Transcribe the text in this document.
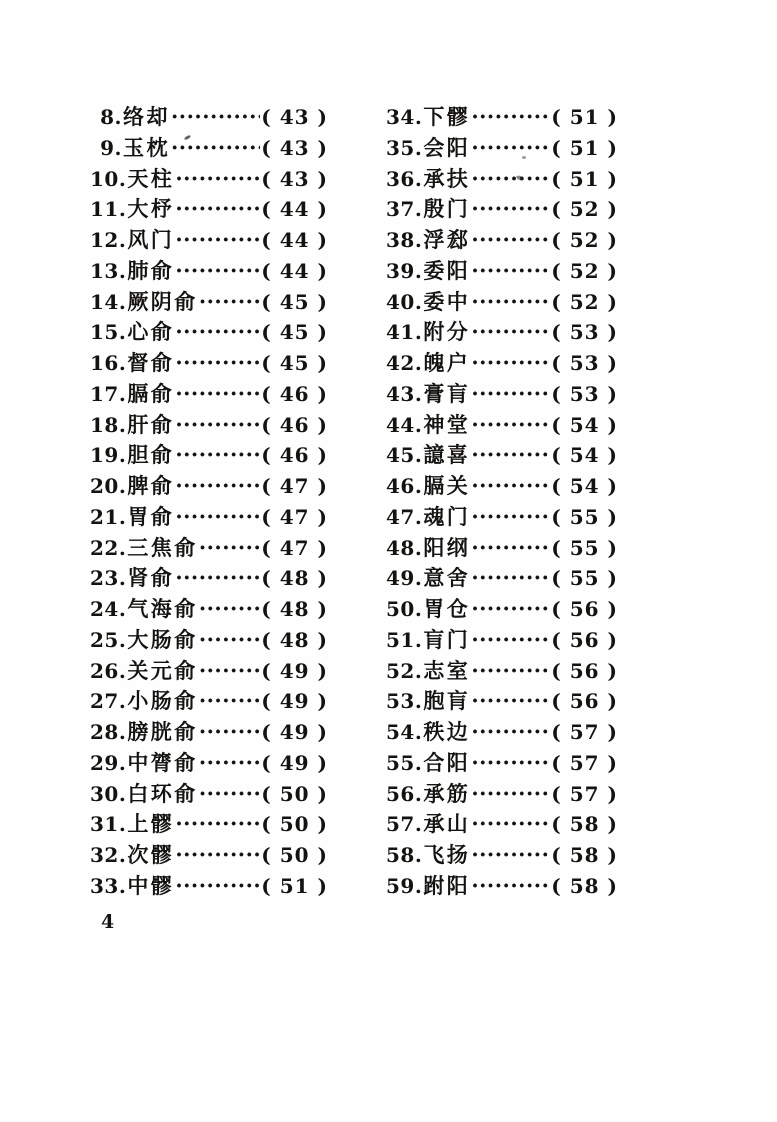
8 . 络却 ·····	( 43 )
9 . 玉枕 ·····	( 43 )
10 . 天柱 ·····	( 43 )
11 . 大杼 ·····	( 44 )
12 . 风门 ·····	( 44 )
13 . 肺俞 ·····	( 44 )
14 . 厥阴俞 ·····	( 45 )
15 . 心俞 ·····	( 45 )
16 . 督俞 ·····	( 45 )
17 . 膈俞 ·····	( 46 )
18 . 肝俞 ·····	( 46 )
19 . 胆俞 ·····	( 46 )
20 . 脾俞 ·····	( 47 )
21 . 胃俞 ·····	( 47 )
22 . 三焦俞 ·····	( 47 )
23 . 肾俞 ·····	( 48 )
24 . 气海俞 ·····	( 48 )
25 . 大肠俞 ·····	( 48 )
26 . 关元俞 ·····	( 49 )
27 . 小肠俞 ·····	( 49 )
28 . 膀胱俞 ·····	( 49 )
29 . 中膂俞 ·····	( 49 )
30 . 白环俞 ·····	( 50 )
31 . 上髎 ·····	( 50 )
32 . 次髎 ·····	( 50 )
33 . 中髎 ·····	( 51 )
34 . 下髎 ·····	( 51 )
35 . 会阳 ·····	( 51 )
36 . 承扶 ·····	( 51 )
37 . 殷门 ·····	( 52 )
38 . 浮郄 ·····	( 52 )
39 . 委阳 ·····	( 52 )
40 . 委中 ·····	( 52 )
41 . 附分 ·····	( 53 )
42 . 魄户 ·····	( 53 )
43 . 膏肓 ·····	( 53 )
44 . 神堂 ·····	( 54 )
45 . 譩喜 ·····	( 54 )
46 . 膈关 ·····	( 54 )
47 . 魂门 ·····	( 55 )
48 . 阳纲 ·····	( 55 )
49 . 意舍 ·····	( 55 )
50 . 胃仓 ·····	( 56 )
51 . 肓门 ·····	( 56 )
52 . 志室 ·····	( 56 )
53 . 胞肓 ·····	( 56 )
54 . 秩边 ·····	( 57 )
55 . 合阳 ·····	( 57 )
56 . 承筋 ·····	( 57 )
57 . 承山 ·····	( 58 )
58 . 飞扬 ·····	( 58 )
59 . 跗阳 ·····	( 58 )
4
